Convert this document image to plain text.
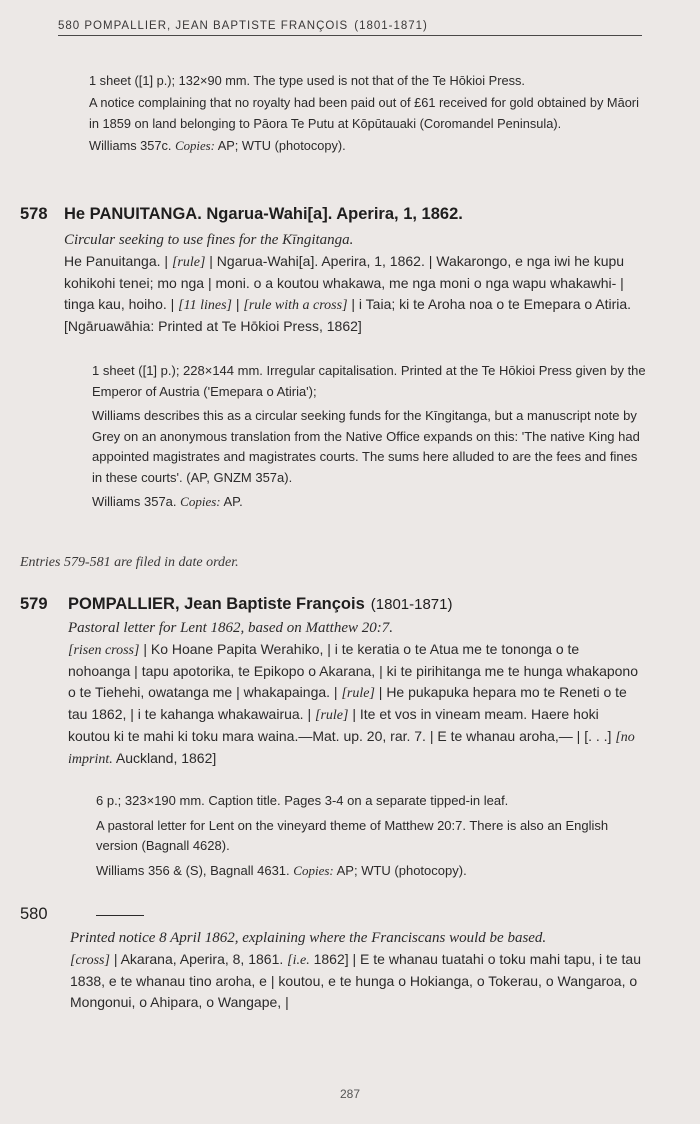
580 POMPALLIER, JEAN BAPTISTE FRANÇOIS (1801-1871)

1 sheet ([1] p.); 132×90 mm. The type used is not that of the Te Hōkioi Press.

A notice complaining that no royalty had been paid out of £61 received for gold obtained by Māori in 1859 on land belonging to Pāora Te Putu at Kōpūtauaki (Coromandel Peninsula).

Williams 357c. Copies: AP; WTU (photocopy).

578 He PANUITANGA. Ngarua-Wahi[a]. Aperira, 1, 1862.
Circular seeking to use fines for the Kīngitanga.

He Panuitanga. | [rule] | Ngarua-Wahi[a]. Aperira, 1, 1862. | Wakarongo, e nga iwi he kupu kohikohi tenei; mo nga | moni. o a koutou whakawa, me nga moni o nga wapu whakawhi- | tinga kau, hoiho. | [11 lines] | [rule with a cross] | i Taia; ki te Aroha noa o te Emepara o Atiria. [Ngāruawāhia: Printed at Te Hōkioi Press, 1862]

1 sheet ([1] p.); 228×144 mm. Irregular capitalisation. Printed at the Te Hōkioi Press given by the Emperor of Austria ('Emepara o Atiria');

Williams describes this as a circular seeking funds for the Kīngitanga, but a manuscript note by Grey on an anonymous translation from the Native Office expands on this: 'The native King had appointed magistrates and magistrates courts. The sums here alluded to are the fees and fines in these courts'. (AP, GNZM 357a).

Williams 357a. Copies: AP.

Entries 579-581 are filed in date order.
579 POMPALLIER, Jean Baptiste François (1801-1871)
Pastoral letter for Lent 1862, based on Matthew 20:7.

[risen cross] | Ko Hoane Papita Werahiko, | i te keratia o te Atua me te tononga o te nohoanga | tapu apotorika, te Epikopo o Akarana, | ki te pirihitanga me te hunga whakapono o te Tiehehi, owatanga me | whakapainga. | [rule] | He pukapuka hepara mo te Reneti o te tau 1862, | i te kahanga whakawairua. | [rule] | Ite et vos in vineam meam. Haere hoki koutou ki te mahi ki toku mara waina.—Mat. up. 20, rar. 7. | E te whanau aroha,— | [. . .] [no imprint. Auckland, 1862]

6 p.; 323×190 mm. Caption title. Pages 3-4 on a separate tipped-in leaf.

A pastoral letter for Lent on the vineyard theme of Matthew 20:7. There is also an English version (Bagnall 4628).

Williams 356 & (S), Bagnall 4631. Copies: AP; WTU (photocopy).

580
Printed notice 8 April 1862, explaining where the Franciscans would be based.

[cross] | Akarana, Aperira, 8, 1861. [i.e. 1862] | E te whanau tuatahi o toku mahi tapu, i te tau 1838, e te whanau tino aroha, e | koutou, e te hunga o Hokianga, o Tokerau, o Wangaroa, o Mongonui, o Ahipara, o Wangape, |

287
